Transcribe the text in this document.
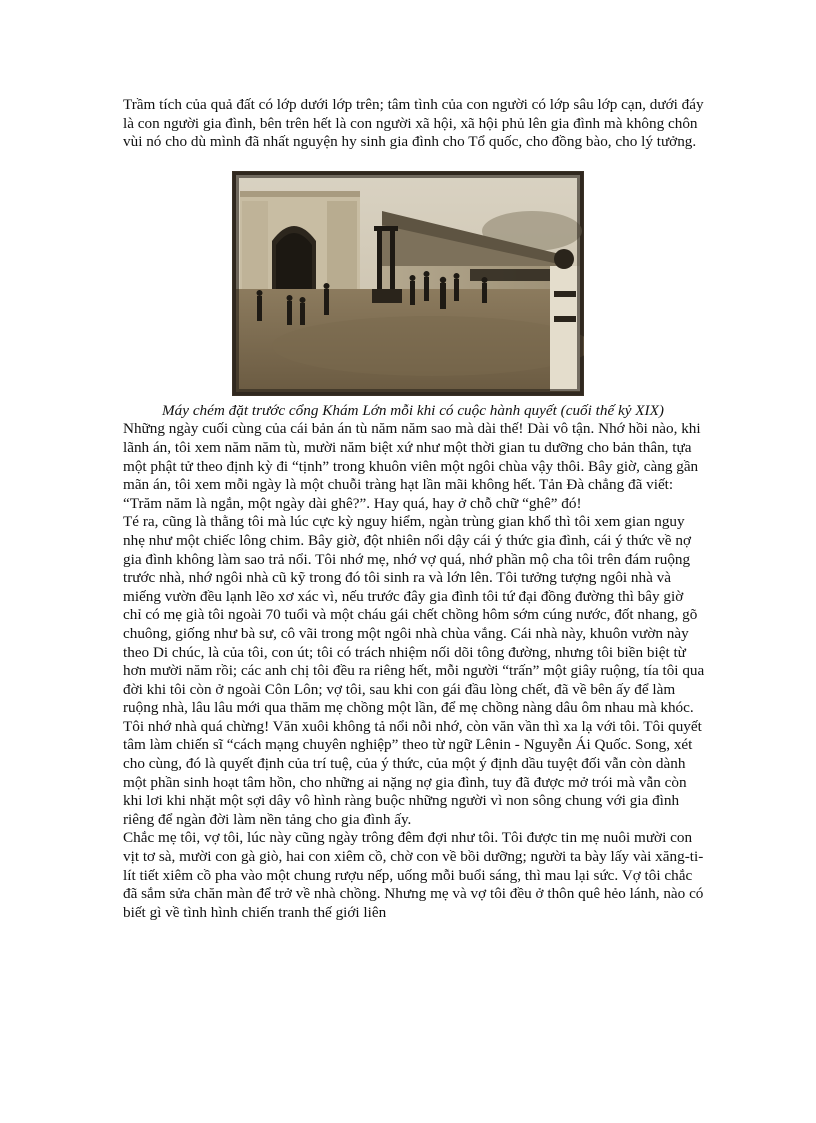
Trầm tích của quả đất có lớp dưới lớp trên; tâm tình của con người có lớp sâu lớp cạn, dưới đáy là con người gia đình, bên trên hết là con người xã hội, xã hội phủ lên gia đình mà không chôn vùi nó cho dù mình đã nhất nguyện hy sinh gia đình cho Tổ quốc, cho đồng bào, cho lý tưởng.

Máy chém đặt trước cổng Khám Lớn mỗi khi có cuộc hành quyết (cuối thế kỷ XIX)

Những ngày cuối cùng của cái bản án tù năm năm sao mà dài thế! Dài vô tận. Nhớ hồi nào, khi lãnh án, tôi xem năm năm tù, mười năm biệt xứ như một thời gian tu dưỡng cho bản thân, tựa một phật tử theo định kỳ đi “tịnh” trong khuôn viên một ngôi chùa vậy thôi. Bây giờ, càng gần mãn án, tôi xem mỗi ngày là một chuỗi tràng hạt lần mãi không hết. Tản Đà chẳng đã viết: “Trăm năm là ngắn, một ngày dài ghê?”. Hay quá, hay ở chỗ chữ “ghê” đó!

Té ra, cũng là thằng tôi mà lúc cực kỳ nguy hiểm, ngàn trùng gian khổ thì tôi xem gian nguy nhẹ như một chiếc lông chim. Bây giờ, đột nhiên nổi dậy cái ý thức gia đình, cái ý thức về nợ gia đình không làm sao trả nổi. Tôi nhớ mẹ, nhớ vợ quá, nhớ phần mộ cha tôi trên đám ruộng trước nhà, nhớ ngôi nhà cũ kỹ trong đó tôi sinh ra và lớn lên. Tôi tưởng tượng ngôi nhà và miếng vườn đều lạnh lẽo xơ xác vì, nếu trước đây gia đình tôi tứ đại đồng đường thì bây giờ chỉ có mẹ già tôi ngoài 70 tuổi và một cháu gái chết chồng hôm sớm cúng nước, đốt nhang, gõ chuông, giống như bà sư, cô vãi trong một ngôi nhà chùa vắng. Cái nhà này, khuôn vườn này theo Di chúc, là của tôi, con út; tôi có trách nhiệm nối dõi tông đường, nhưng tôi biền biệt từ hơn mười năm rồi; các anh chị tôi đều ra riêng hết, mỗi người “trấn” một giây ruộng, tía tôi qua đời khi tôi còn ở ngoài Côn Lôn; vợ tôi, sau khi con gái đầu lòng chết, đã về bên ấy để làm ruộng nhà, lâu lâu mới qua thăm mẹ chồng một lần, để mẹ chồng nàng dâu ôm nhau mà khóc.

Tôi nhớ nhà quá chừng! Văn xuôi không tả nổi nỗi nhớ, còn văn vần thì xa lạ với tôi. Tôi quyết tâm làm chiến sĩ “cách mạng chuyên nghiệp” theo từ ngữ Lênin - Nguyễn Ái Quốc. Song, xét cho cùng, đó là quyết định của trí tuệ, của ý thức, của một ý định dầu tuyệt đối vẫn còn dành một phần sinh hoạt tâm hồn, cho những ai nặng nợ gia đình, tuy đã được mở trói mà vẫn còn khi lơi khi nhặt một sợi dây vô hình ràng buộc những người vì non sông chung với gia đình riêng để ngàn đời làm nền tảng cho gia đình ấy.

Chắc mẹ tôi, vợ tôi, lúc này cũng ngày trông đêm đợi như tôi. Tôi được tin mẹ nuôi mười con vịt tơ sà, mười con gà giò, hai con xiêm cồ, chờ con về bồi dưỡng; người ta bày lấy vài xăng-ti-lít tiết xiêm cồ pha vào một chung rượu nếp, uống mỗi buổi sáng, thì mau lại sức. Vợ tôi chắc đã sắm sửa chăn màn để trở về nhà chồng. Nhưng mẹ và vợ tôi đều ở thôn quê hẻo lánh, nào có biết gì về tình hình chiến tranh thế giới liên
